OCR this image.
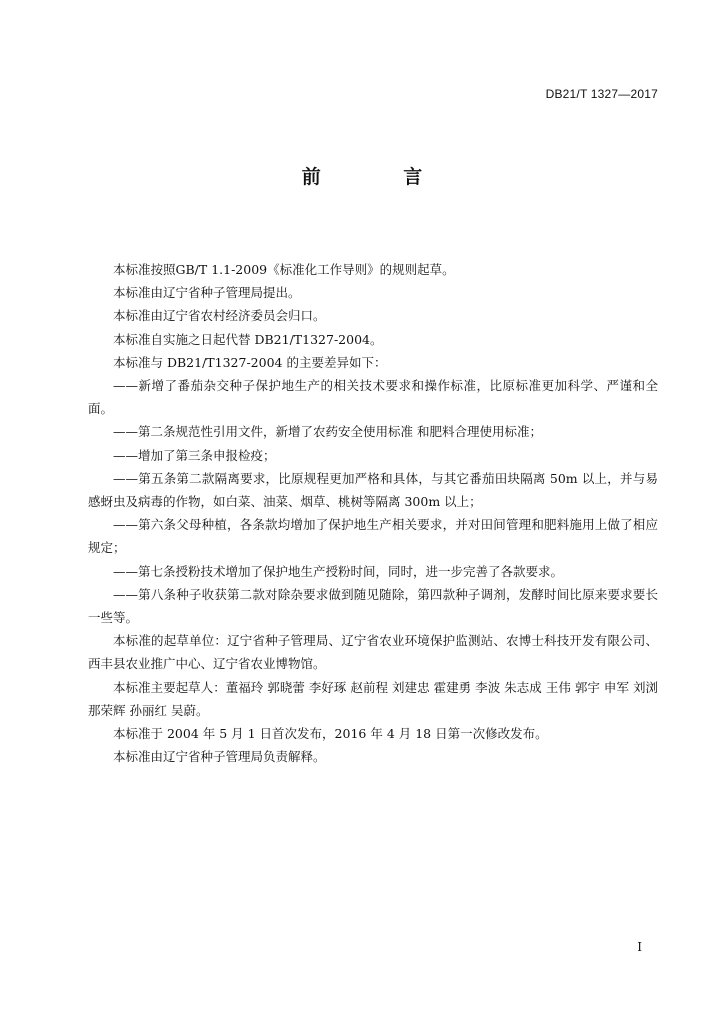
DB21/T 1327—2017
前 言

本标准按照GB/T 1.1-2009《标准化工作导则》的规则起草。

本标准由辽宁省种子管理局提出。

本标准由辽宁省农村经济委员会归口。

本标准自实施之日起代替 DB21/T1327-2004。

本标准与 DB21/T1327-2004 的主要差异如下：

——新增了番茄杂交种子保护地生产的相关技术要求和操作标准，比原标准更加科学、严谨和全面。

——第二条规范性引用文件，新增了农药安全使用标准 和肥料合理使用标准；

——增加了第三条申报检疫；

——第五条第二款隔离要求，比原规程更加严格和具体，与其它番茄田块隔离 50m 以上，并与易感蚜虫及病毒的作物，如白菜、油菜、烟草、桃树等隔离 300m 以上；

——第六条父母种植，各条款均增加了保护地生产相关要求，并对田间管理和肥料施用上做了相应规定；

——第七条授粉技术增加了保护地生产授粉时间，同时，进一步完善了各款要求。

——第八条种子收获第二款对除杂要求做到随见随除，第四款种子调剂，发酵时间比原来要求要长一些等。

本标准的起草单位：辽宁省种子管理局、辽宁省农业环境保护监测站、农博士科技开发有限公司、西丰县农业推广中心、辽宁省农业博物馆。

本标准主要起草人：董福玲 郭晓蕾 李好琢 赵前程 刘建忠 霍建勇 李波 朱志成 王伟 郭宇 申军 刘浏 那荣辉 孙丽红 吴蔚。

本标准于 2004 年 5 月 1 日首次发布，2016 年 4 月 18 日第一次修改发布。

本标准由辽宁省种子管理局负责解释。

I
